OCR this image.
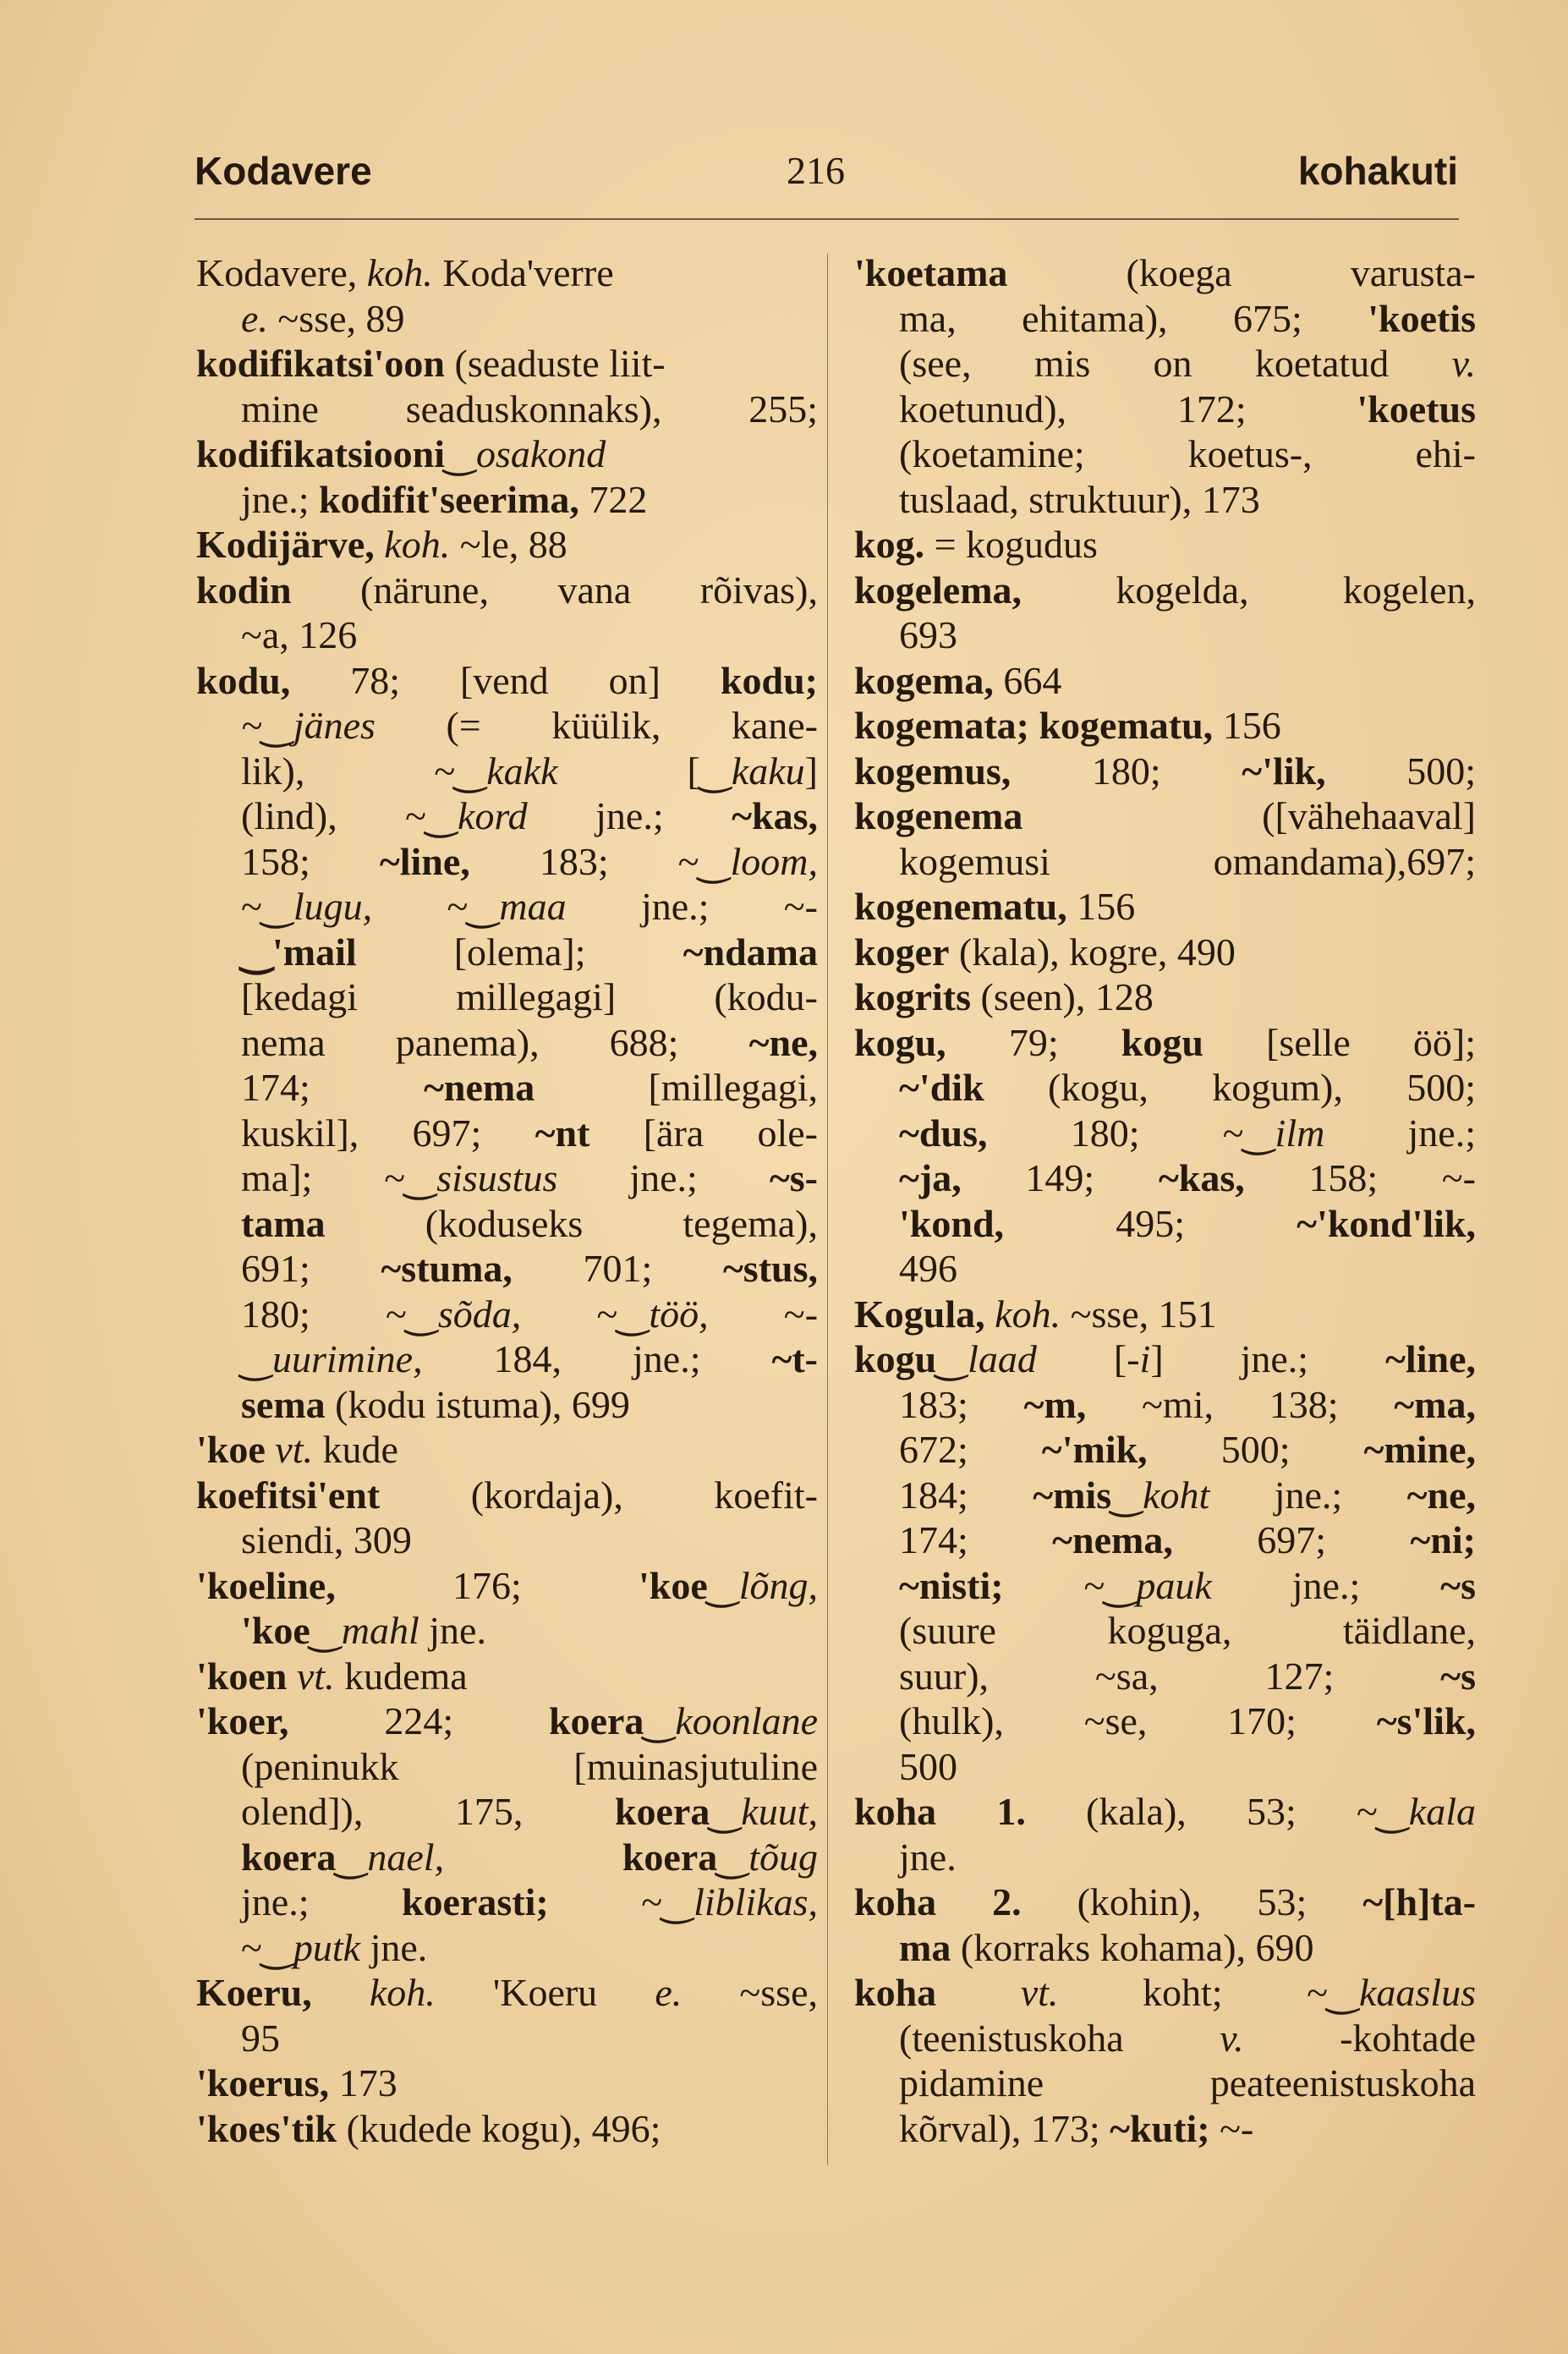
Kodavere	216	kohakuti
Kodavere, koh. Koda'verre
e. ~sse, 89
kodifikatsi'oon (seaduste liit-
mine seaduskonnaks), 255;
kodifikatsiooni‿osakond
jne.; kodifit'seerima, 722
Kodijärve, koh. ~le, 88
kodin (närune, vana rõivas),
~a, 126
kodu, 78; [vend on] kodu;
~‿jänes (= küülik, kane-
lik), ~‿kakk [‿kaku]
(lind), ~‿kord jne.; ~kas,
158; ~line, 183; ~‿loom,
~‿lugu, ~‿maa jne.; ~-
‿'mail [olema]; ~ndama
[kedagi millegagi] (kodu-
nema panema), 688; ~ne,
174; ~nema [millegagi,
kuskil], 697; ~nt [ära ole-
ma]; ~‿sisustus jne.; ~s-
tama (koduseks tegema),
691; ~stuma, 701; ~stus,
180; ~‿sõda, ~‿töö, ~-
‿uurimine, 184, jne.; ~t-
sema (kodu istuma), 699
'koe vt. kude
koefitsi'ent (kordaja), koefit-
siendi, 309
'koeline, 176; 'koe‿lõng,
'koe‿mahl jne.
'koen vt. kudema
'koer, 224; koera‿koonlane
(peninukk [muinasjutuline
olend]), 175, koera‿kuut,
koera‿nael,	koera‿tõug
jne.; koerasti; ~‿liblikas,
~‿putk jne.
Koeru, koh. 'Koeru e. ~sse,
95
'koerus, 173
'koes'tik (kudede kogu), 496;
'koetama (koega varusta-
ma, ehitama), 675; 'koetis
(see, mis on koetatud v.
koetunud), 172; 'koetus
(koetamine; koetus-, ehi-
tuslaad, struktuur), 173
kog. = kogudus
kogelema, kogelda, kogelen,
693
kogema, 664
kogemata; kogematu, 156
kogemus, 180; ~'lik, 500;
kogenema ([vähehaaval]
kogemusi omandama),697;
kogenematu, 156
koger (kala), kogre, 490
kogrits (seen), 128
kogu, 79; kogu [selle öö];
~'dik (kogu, kogum), 500;
~dus, 180; ~‿ilm jne.;
~ja, 149; ~kas, 158; ~-
'kond, 495; ~'kond'lik,
496
Kogula, koh. ~sse, 151
kogu‿laad [-i] jne.; ~line,
183; ~m, ~mi, 138; ~ma,
672; ~'mik, 500; ~mine,
184; ~mis‿koht jne.; ~ne,
174; ~nema, 697; ~ni;
~nisti; ~‿pauk jne.; ~s
(suure koguga, täidlane,
suur), ~sa, 127; ~s
(hulk), ~se, 170; ~s'lik,
500
koha 1. (kala), 53; ~‿kala
jne.
koha 2. (kohin), 53; ~[h]ta-
ma (korraks kohama), 690
koha vt. koht; ~‿kaaslus
(teenistuskoha v. -kohtade
pidamine peateenistuskoha
kõrval), 173; ~kuti; ~-
